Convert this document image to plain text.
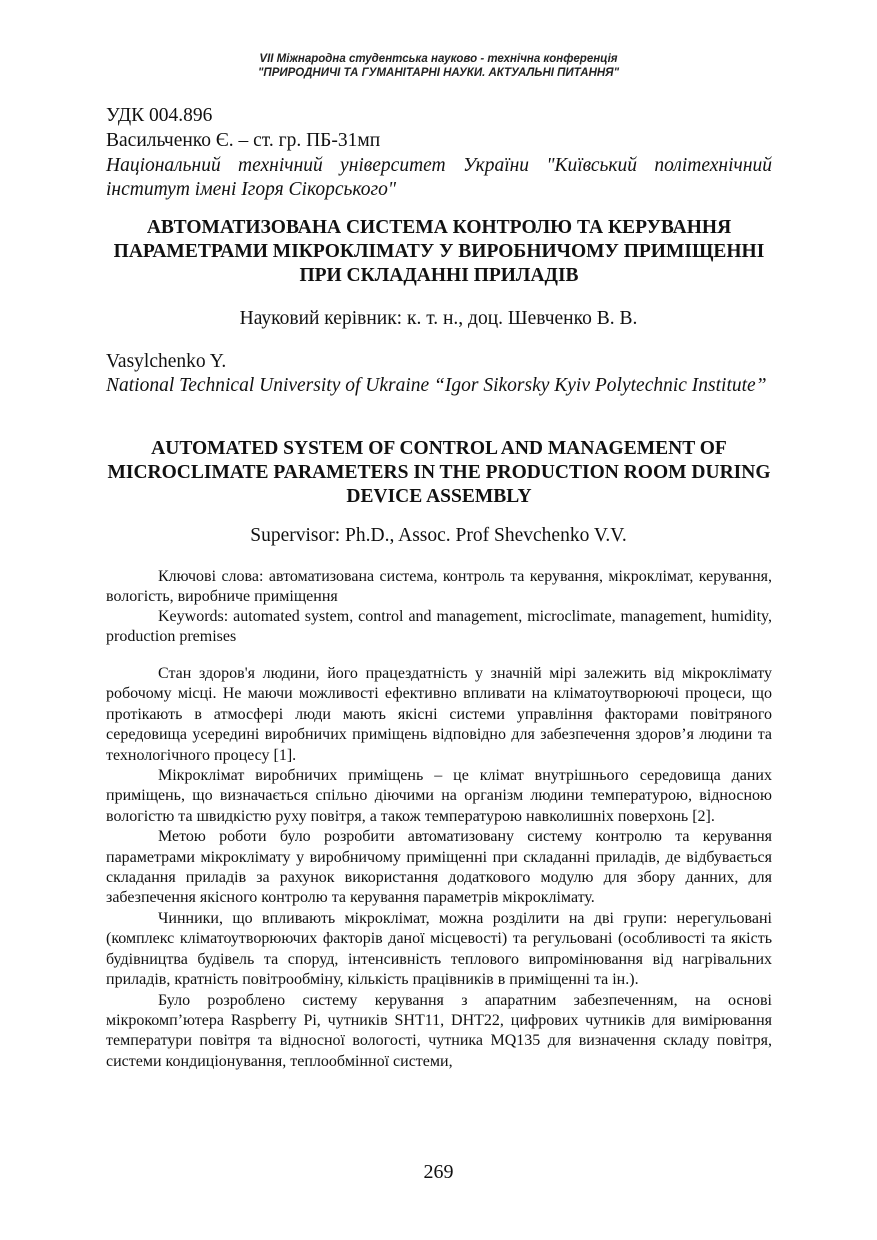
VII Міжнародна студентська науково - технічна конференція
"ПРИРОДНИЧІ ТА ГУМАНІТАРНІ НАУКИ. АКТУАЛЬНІ ПИТАННЯ"
УДК 004.896
Васильченко Є. – ст. гр. ПБ-31мп
Національний технічний університет України "Київський політехнічний інститут імені Ігоря Сікорського"
АВТОМАТИЗОВАНА СИСТЕМА КОНТРОЛЮ ТА КЕРУВАННЯ ПАРАМЕТРАМИ МІКРОКЛІМАТУ У ВИРОБНИЧОМУ ПРИМІЩЕННІ ПРИ СКЛАДАННІ ПРИЛАДІВ
Науковий керівник: к. т. н., доц. Шевченко В. В.
Vasylchenko Y.
National Technical University of Ukraine “Igor Sikorsky Kyiv Polytechnic Institute”
AUTOMATED SYSTEM OF CONTROL AND MANAGEMENT OF MICROCLIMATE PARAMETERS IN THE PRODUCTION ROOM DURING DEVICE ASSEMBLY
Supervisor: Ph.D., Assoc. Prof Shevchenko V.V.

Ключові слова: автоматизована система, контроль та керування, мікроклімат, керування, вологість, виробниче приміщення

Keywords: automated system, control and management, microclimate, management, humidity, production premises

Стан здоров'я людини, його працездатність у значній мірі залежить від мікроклімату робочому місці. Не маючи можливості ефективно впливати на кліматоутворюючі процеси, що протікають в атмосфері люди мають якісні системи управління факторами повітряного середовища усередині виробничих приміщень відповідно для забезпечення здоров’я людини та технологічного процесу [1].

Мікроклімат виробничих приміщень – це клімат внутрішнього середовища даних приміщень, що визначається спільно діючими на організм людини температурою, відносною вологістю та швидкістю руху повітря, а також температурою навколишніх поверхонь [2].

Метою роботи було розробити автоматизовану систему контролю та керування параметрами мікроклімату у виробничому приміщенні при складанні приладів, де відбувається складання приладів за рахунок використання додаткового модулю для збору данних, для забезпечення якісного контролю та керування параметрів мікроклімату.

Чинники, що впливають мікроклімат, можна розділити на дві групи: нерегульовані (комплекс кліматоутворюючих факторів даної місцевості) та регульовані (особливості та якість будівництва будівель та споруд, інтенсивність теплового випромінювання від нагрівальних приладів, кратність повітрообміну, кількість працівників в приміщенні та ін.).

Було розроблено систему керування з апаратним забезпеченням, на основі мікрокомп’ютера Raspberry Pi, чутників SHT11, DHT22, цифрових чутників для вимірювання температури повітря та відносної вологості, чутника MQ135 для визначення складу повітря, системи кондиціонування, теплообмінної системи,

269
